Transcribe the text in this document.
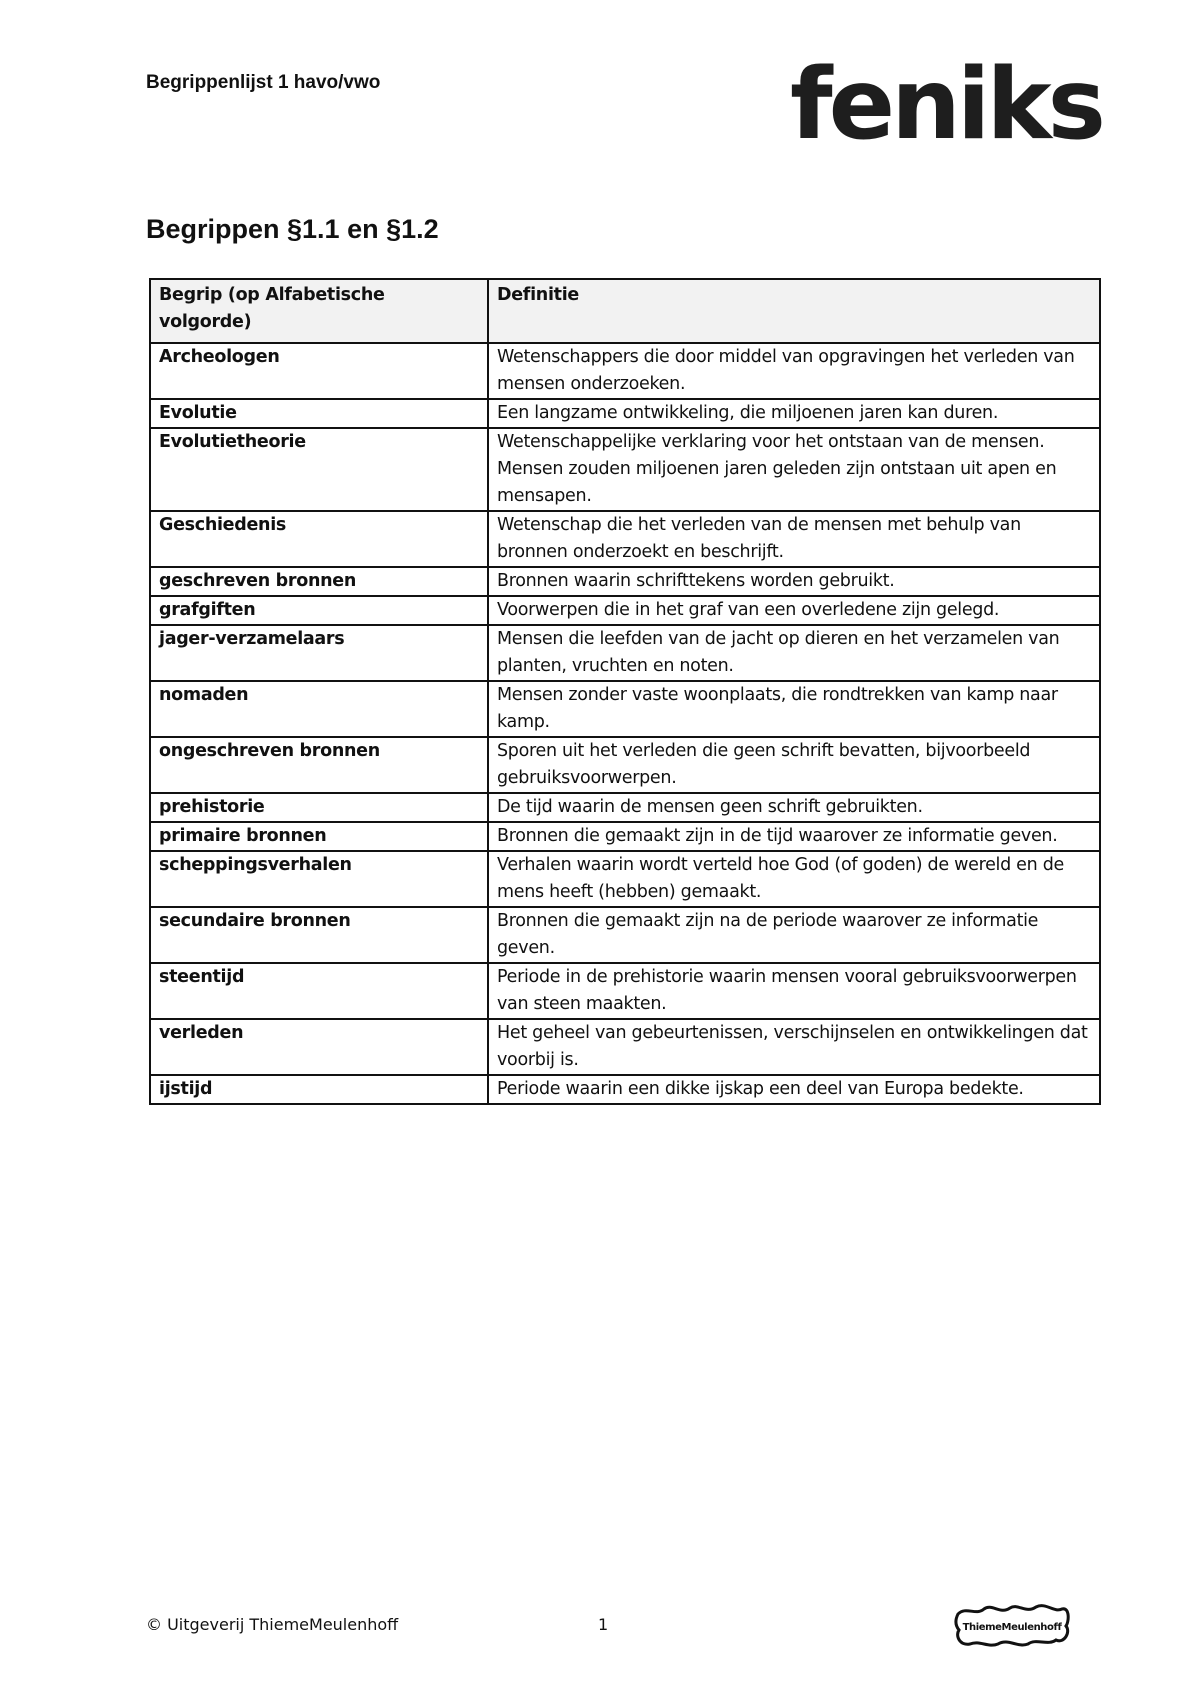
Begrippenlijst 1 havo/vwo	feniks
Begrippen §1.1 en §1.2
Begrip (op Alfabetische volgorde)	Definitie
Archeologen	Wetenschappers die door middel van opgravingen het verleden van mensen onderzoeken.
Evolutie	Een langzame ontwikkeling, die miljoenen jaren kan duren.
Evolutietheorie	Wetenschappelijke verklaring voor het ontstaan van de mensen. Mensen zouden miljoenen jaren geleden zijn ontstaan uit apen en mensapen.
Geschiedenis	Wetenschap die het verleden van de mensen met behulp van bronnen onderzoekt en beschrijft.
geschreven bronnen	Bronnen waarin schrifttekens worden gebruikt.
grafgiften	Voorwerpen die in het graf van een overledene zijn gelegd.
jager-verzamelaars	Mensen die leefden van de jacht op dieren en het verzamelen van planten, vruchten en noten.
nomaden	Mensen zonder vaste woonplaats, die rondtrekken van kamp naar kamp.
ongeschreven bronnen	Sporen uit het verleden die geen schrift bevatten, bijvoorbeeld gebruiksvoorwerpen.
prehistorie	De tijd waarin de mensen geen schrift gebruikten.
primaire bronnen	Bronnen die gemaakt zijn in de tijd waarover ze informatie geven.
scheppingsverhalen	Verhalen waarin wordt verteld hoe God (of goden) de wereld en de mens heeft (hebben) gemaakt.
secundaire bronnen	Bronnen die gemaakt zijn na de periode waarover ze informatie geven.
steentijd	Periode in de prehistorie waarin mensen vooral gebruiksvoorwerpen van steen maakten.
verleden	Het geheel van gebeurtenissen, verschijnselen en ontwikkelingen dat voorbij is.
ijstijd	Periode waarin een dikke ijskap een deel van Europa bedekte.
© Uitgeverij ThiemeMeulenhoff	1	ThiemeMeulenhoff
